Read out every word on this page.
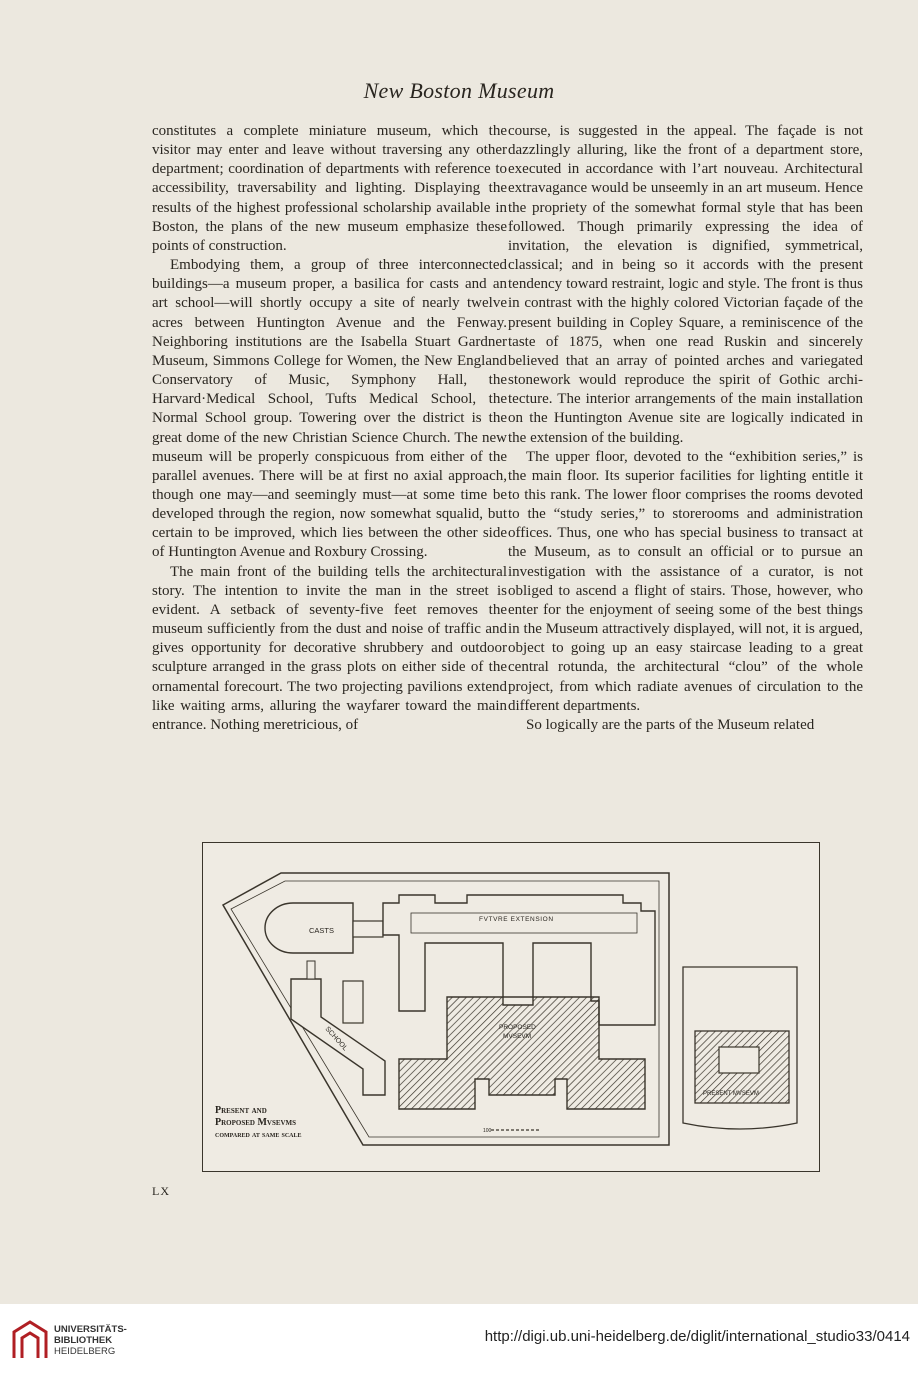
New Boston Museum

constitutes a complete miniature museum, which the visitor may enter and leave without traversing any other department; coordination of departments with reference to accessibility, traversability and lighting. Displaying the results of the highest professional scholarship available in Boston, the plans of the new museum emphasize these points of construction.

Embodying them, a group of three interconnected buildings—a museum proper, a basilica for casts and an art school—will shortly occupy a site of nearly twelve acres between Huntington Avenue and the Fenway. Neighboring institutions are the Isabella Stuart Gardner Museum, Simmons College for Women, the New England Conservatory of Music, Symphony Hall, the Harvard·Medical School, Tufts Medical School, the Normal School group. Towering over the district is the great dome of the new Christian Science Church. The new museum will be properly conspicuous from either of the parallel avenues. There will be at first no axial approach, though one may—and seemingly must—at some time be developed through the region, now somewhat squalid, but certain to be improved, which lies between the other side of Huntington Avenue and Roxbury Crossing.

The main front of the building tells the architectural story. The intention to invite the man in the street is evident. A setback of seventy-five feet removes the museum sufficiently from the dust and noise of traffic and gives opportunity for decorative shrubbery and outdoor sculpture arranged in the grass plots on either side of the ornamental forecourt. The two projecting pavilions extend like waiting arms, alluring the wayfarer toward the main entrance. Nothing meretricious, of

course, is suggested in the appeal. The façade is not dazzlingly alluring, like the front of a department store, executed in accordance with l’art nouveau. Architectural extravagance would be unseemly in an art museum. Hence the propriety of the somewhat formal style that has been followed. Though primarily expressing the idea of invitation, the elevation is dignified, symmetrical, classical; and in being so it accords with the present tendency toward restraint, logic and style. The front is thus in contrast with the highly colored Victorian façade of the present building in Copley Square, a reminiscence of the taste of 1875, when one read Ruskin and sincerely believed that an array of pointed arches and variegated stonework would reproduce the spirit of Gothic architecture. The interior arrangements of the main installation on the Huntington Avenue site are logically indicated in the extension of the building.

The upper floor, devoted to the “exhibition series,” is the main floor. Its superior facilities for lighting entitle it to this rank. The lower floor comprises the rooms devoted to the “study series,” to storerooms and administration offices. Thus, one who has special business to transact at the Museum, as to consult an official or to pursue an investigation with the assistance of a curator, is not obliged to ascend a flight of stairs. Those, however, who enter for the enjoyment of seeing some of the best things in the Museum attractively displayed, will not, it is argued, object to going up an easy staircase leading to a great central rotunda, the architectural “clou” of the whole project, from which radiate avenues of circulation to the different departments.

So logically are the parts of the Museum related

CASTS
SCHOOL
FVTVRE EXTENSION
PROPOSED
MVSEVM
100
PRESENT MVSEVM
Present and
Proposed Mvsevms
compared at same scale
LX
UNIVERSITÄTS-
BIBLIOTHEK
HEIDELBERG
http://digi.ub.uni-heidelberg.de/diglit/international_studio33/0414
